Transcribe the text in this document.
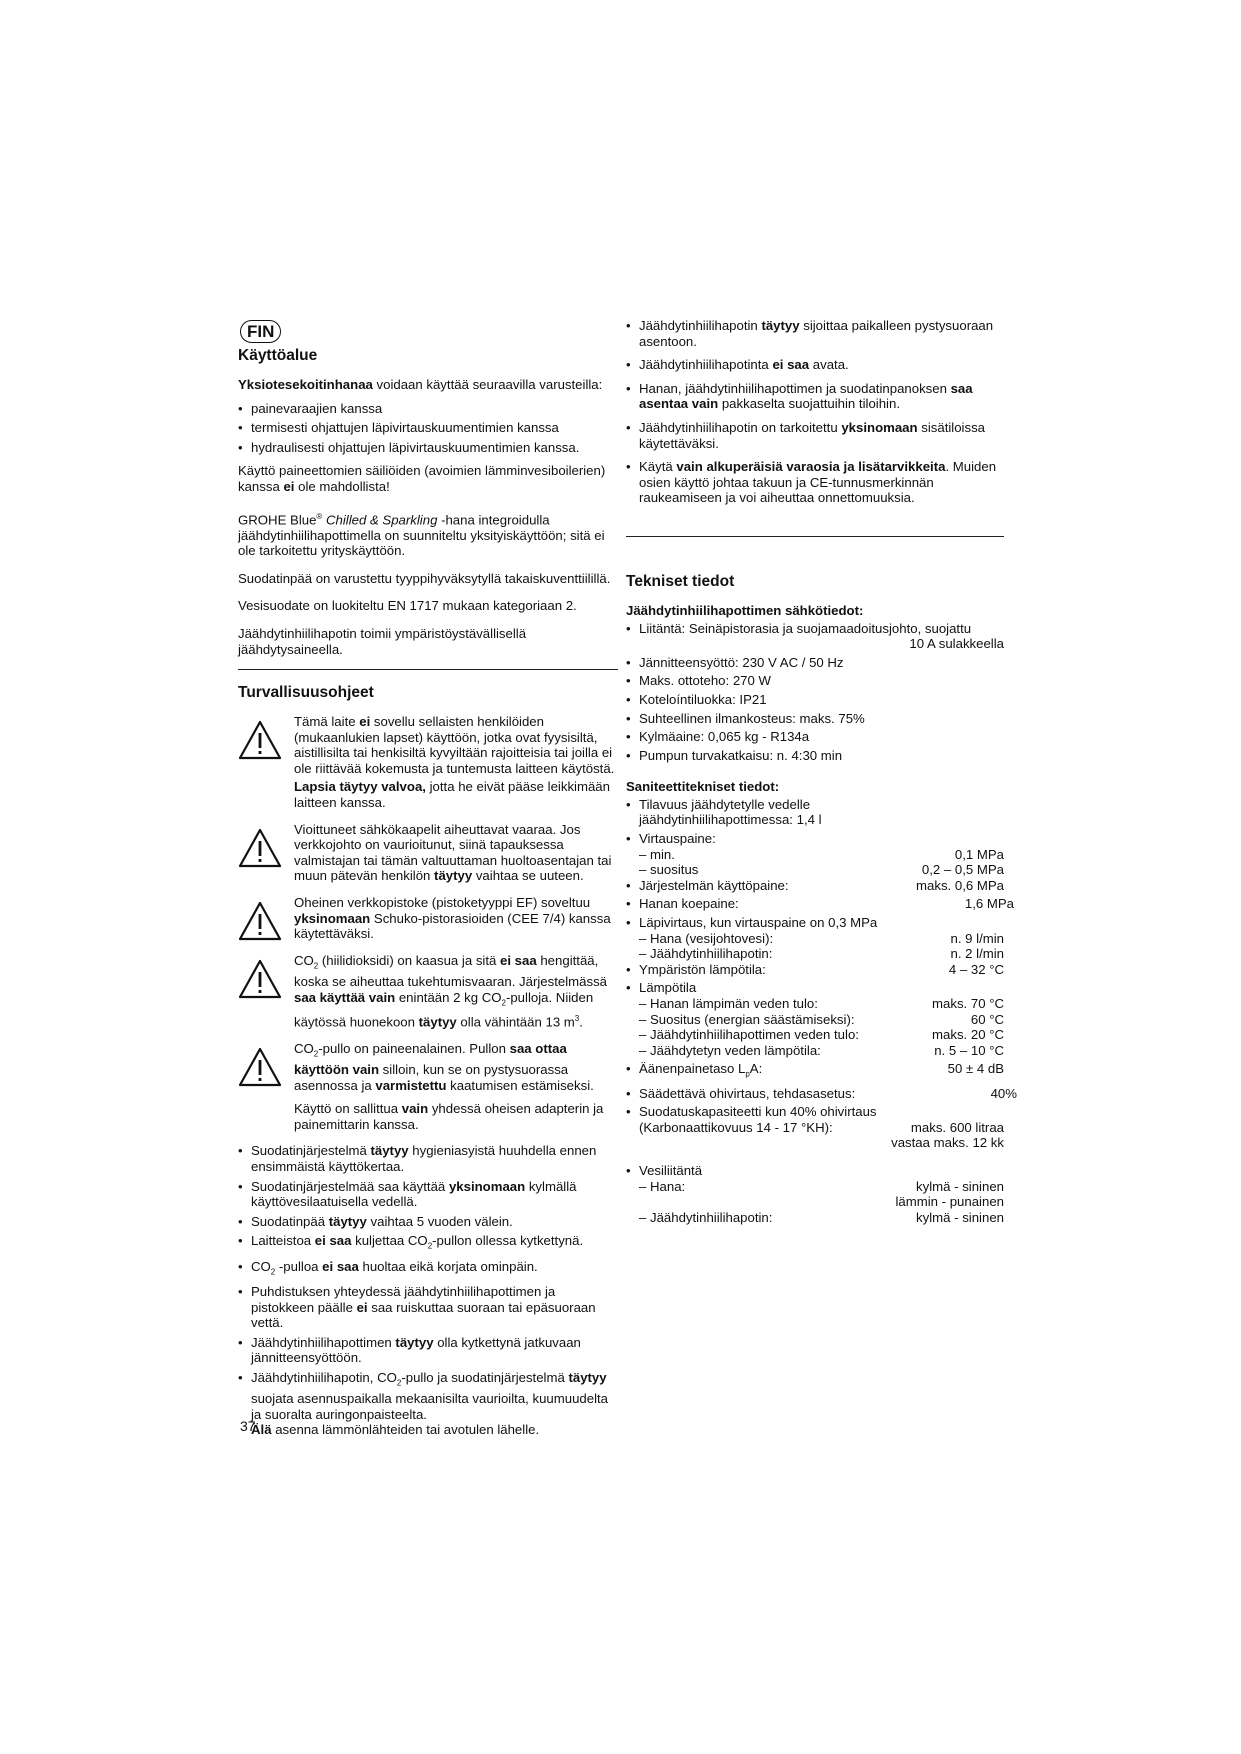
FIN
Käyttöalue

Yksiotesekoitinhanaa voidaan käyttää seuraavilla varusteilla:

• painevaraajien kanssa
• termisesti ohjattujen läpivirtauskuumentimien kanssa
• hydraulisesti ohjattujen läpivirtauskuumentimien kanssa.

Käyttö paineettomien säiliöiden (avoimien lämminvesiboilerien) kanssa ei ole mahdollista!

GROHE Blue® Chilled & Sparkling -hana integroidulla jäähdytinhiilihapottimella on suunniteltu yksityiskäyttöön; sitä ei ole tarkoitettu yrityskäyttöön.

Suodatinpää on varustettu tyyppihyväksytyllä takaiskuventtiilillä.

Vesisuodate on luokiteltu EN 1717 mukaan kategoriaan 2.

Jäähdytinhiilihapotin toimii ympäristöystävällisellä jäähdytysaineella.

Turvallisuusohjeet

Tämä laite ei sovellu sellaisten henkilöiden (mukaanlukien lapset) käyttöön, jotka ovat fyysisiltä, aistillisilta tai henkisiltä kyvyiltään rajoitteisia tai joilla ei ole riittävää kokemusta ja tuntemusta laitteen käytöstä.

Lapsia täytyy valvoa, jotta he eivät pääse leikkimään laitteen kanssa.

Vioittuneet sähkökaapelit aiheuttavat vaaraa. Jos verkkojohto on vaurioitunut, siinä tapauksessa valmistajan tai tämän valtuuttaman huoltoasentajan tai muun pätevän henkilön täytyy vaihtaa se uuteen.

Oheinen verkkopistoke (pistoketyyppi EF) soveltuu yksinomaan Schuko-pistorasioiden (CEE 7/4) kanssa käytettäväksi.

$CO_2$ (hiilidioksidi) on kaasua ja sitä ei saa hengittää, koska se aiheuttaa tukehtumisvaaran. Järjestelmässä saa käyttää vain enintään 2 kg $CO_2$-pulloja. Niiden käytössä huonekoon täytyy olla vähintään 13 $m^3$.

$CO_2$-pullo on paineenalainen. Pullon saa ottaa käyttöön vain silloin, kun se on pystysuorassa asennossa ja varmistettu kaatumisen estämiseksi.

Käyttö on sallittua vain yhdessä oheisen adapterin ja painemittarin kanssa.

• Suodatinjärjestelmä täytyy hygieniasyistä huuhdella ennen ensimmäistä käyttökertaa.
• Suodatinjärjestelmää saa käyttää yksinomaan kylmällä käyttövesilaatuisella vedellä.
• Suodatinpää täytyy vaihtaa 5 vuoden välein.
• Laitteistoa ei saa kuljettaa $CO_2$-pullon ollessa kytkettynä.
• $CO_2$ -pulloa ei saa huoltaa eikä korjata ominpäin.
• Puhdistuksen yhteydessä jäähdytinhiilihapottimen ja pistokkeen päälle ei saa ruiskuttaa suoraan tai epäsuoraan vettä.
• Jäähdytinhiilihapottimen täytyy olla kytkettynä jatkuvaan jännitteensyöttöön.
• Jäähdytinhiilihapotin, $CO_2$-pullo ja suodatinjärjestelmä täytyy suojata asennuspaikalla mekaanisilta vaurioilta, kuumuudelta ja suoralta auringonpaisteelta.
Älä asenna lämmönlähteiden tai avotulen lähelle.
• Jäähdytinhiilihapotin täytyy sijoittaa paikalleen pystysuoraan asentoon.
• Jäähdytinhiilihapotinta ei saa avata.
• Hanan, jäähdytinhiilihapottimen ja suodatinpanoksen saa asentaa vain pakkaselta suojattuihin tiloihin.
• Jäähdytinhiilihapotin on tarkoitettu yksinomaan sisätiloissa käytettäväksi.
• Käytä vain alkuperäisiä varaosia ja lisätarvikkeita. Muiden osien käyttö johtaa takuun ja CE-tunnusmerkinnän raukeamiseen ja voi aiheuttaa onnettomuuksia.
Tekniset tiedot
Jäähdytinhiilihapottimen sähkötiedot:
• Liitäntä: Seinäpistorasia ja suojamaadoitusjohto, suojattu
10 A sulakkeella
• Jännitteensyöttö: 230 V AC / 50 Hz
• Maks. ottoteho: 270 W
• Koteloíntiluokka: IP21
• Suhteellinen ilmankosteus: maks. 75%
• Kylmäaine: 0,065 kg - R134a
• Pumpun turvakatkaisu: n. 4:30 min
Saniteettitekniset tiedot:
• Tilavuus jäähdytetylle vedelle jäähdytinhiilihapottimessa: 1,4 l
• Virtauspaine:
– min.	0,1 MPa
– suositus	0,2 – 0,5 MPa
• Järjestelmän käyttöpaine:	maks. 0,6 MPa
• Hanan koepaine:	1,6 MPa
• Läpivirtaus, kun virtauspaine on 0,3 MPa
– Hana (vesijohtovesi):	n. 9 l/min
– Jäähdytinhiilihapotin:	n. 2 l/min
• Ympäristön lämpötila:	4 – 32 °C
• Lämpötila
– Hanan lämpimän veden tulo:	maks. 70 °C
– Suositus (energian säästämiseksi):	60 °C
– Jäähdytinhiilihapottimen veden tulo:	maks. 20 °C
– Jäähdytetyn veden lämpötila:	n. 5 – 10 °C
• Äänenpainetaso $L_pA$:	50 ± 4 dB
• Säädettävä ohivirtaus, tehdasasetus:	40%
• Suodatuskapasiteetti kun 40% ohivirtaus
(Karbonaattikovuus 14 - 17 °KH):	maks. 600 litraa
vastaa maks. 12 kk
• Vesiliitäntä
– Hana:	kylmä - sininen
lämmin - punainen
– Jäähdytinhiilihapotin:	kylmä - sininen
37
